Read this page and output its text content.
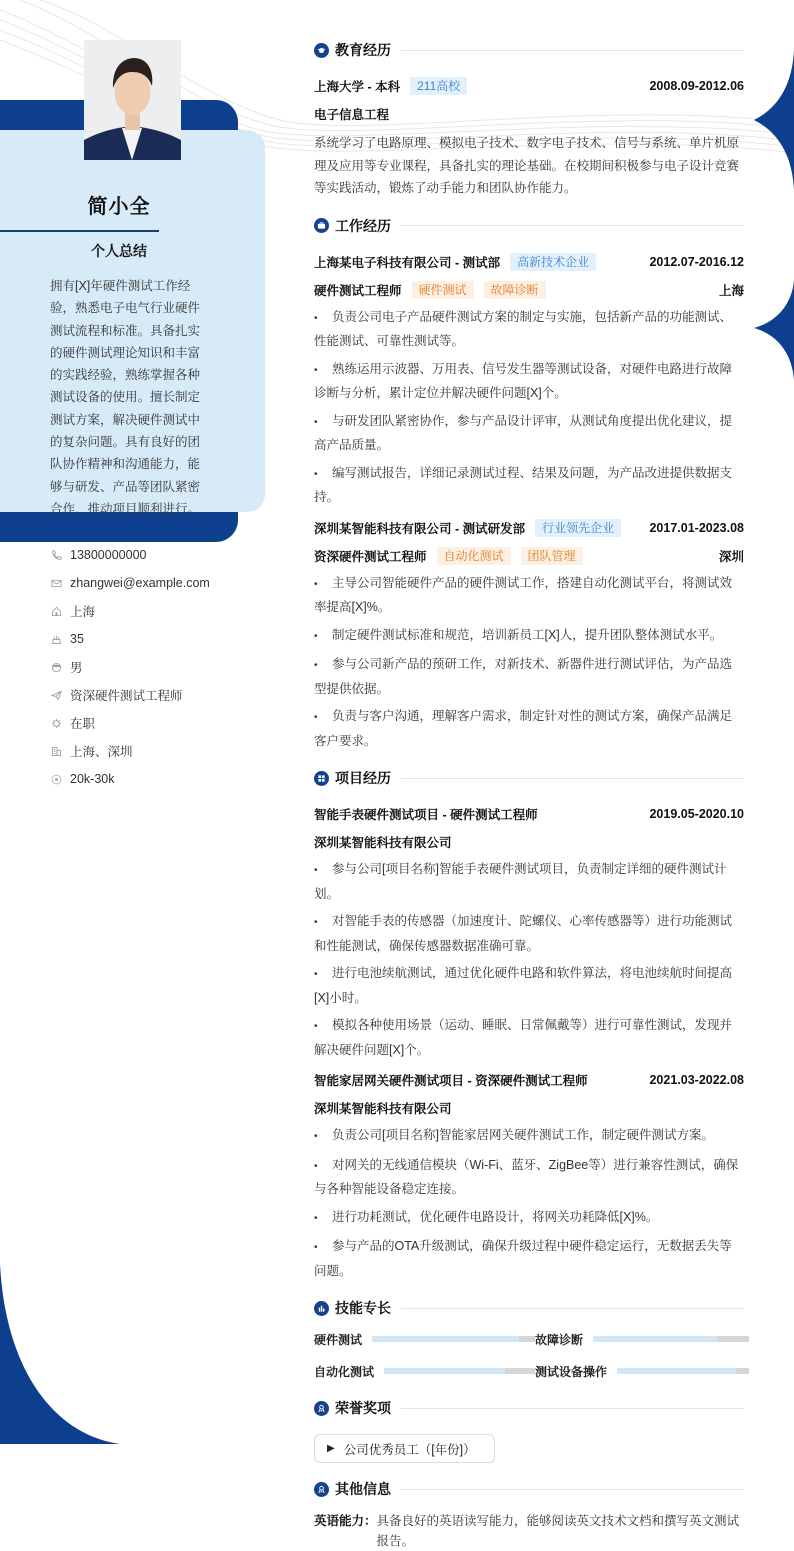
简小全
个人总结
拥有[X]年硬件测试工作经验，熟悉电子电气行业硬件测试流程和标准。具备扎实的硬件测试理论知识和丰富的实践经验，熟练掌握各种测试设备的使用。擅长制定测试方案，解决硬件测试中的复杂问题。具有良好的团队协作精神和沟通能力，能够与研发、产品等团队紧密合作，推动项目顺利进行。
13800000000
zhangwei@example.com
上海
35
男
资深硬件测试工程师
在职
上海、深圳
20k-30k
教育经历
上海大学 - 本科	211高校	2008.09-2012.06
电子信息工程
系统学习了电路原理、模拟电子技术、数字电子技术、信号与系统、单片机原理及应用等专业课程，具备扎实的理论基础。在校期间积极参与电子设计竞赛等实践活动，锻炼了动手能力和团队协作能力。
工作经历
上海某电子科技有限公司 - 测试部	高新技术企业	2012.07-2016.12
硬件测试工程师	硬件测试	故障诊断	上海
• 负责公司电子产品硬件测试方案的制定与实施，包括新产品的功能测试、性能测试、可靠性测试等。
• 熟练运用示波器、万用表、信号发生器等测试设备，对硬件电路进行故障诊断与分析，累计定位并解决硬件问题[X]个。
• 与研发团队紧密协作，参与产品设计评审，从测试角度提出优化建议，提高产品质量。
• 编写测试报告，详细记录测试过程、结果及问题，为产品改进提供数据支持。
深圳某智能科技有限公司 - 测试研发部	行业领先企业	2017.01-2023.08
资深硬件测试工程师	自动化测试	团队管理	深圳
• 主导公司智能硬件产品的硬件测试工作，搭建自动化测试平台，将测试效率提高[X]%。
• 制定硬件测试标准和规范，培训新员工[X]人，提升团队整体测试水平。
• 参与公司新产品的预研工作，对新技术、新器件进行测试评估，为产品选型提供依据。
• 负责与客户沟通，理解客户需求，制定针对性的测试方案，确保产品满足客户要求。
项目经历
智能手表硬件测试项目 - 硬件测试工程师	2019.05-2020.10
深圳某智能科技有限公司
• 参与公司[项目名称]智能手表硬件测试项目，负责制定详细的硬件测试计划。
• 对智能手表的传感器（加速度计、陀螺仪、心率传感器等）进行功能测试和性能测试，确保传感器数据准确可靠。
• 进行电池续航测试，通过优化硬件电路和软件算法，将电池续航时间提高[X]小时。
• 模拟各种使用场景（运动、睡眠、日常佩戴等）进行可靠性测试，发现并解决硬件问题[X]个。
智能家居网关硬件测试项目 - 资深硬件测试工程师	2021.03-2022.08
深圳某智能科技有限公司
• 负责公司[项目名称]智能家居网关硬件测试工作，制定硬件测试方案。
• 对网关的无线通信模块（Wi-Fi、蓝牙、ZigBee等）进行兼容性测试，确保与各种智能设备稳定连接。
• 进行功耗测试，优化硬件电路设计，将网关功耗降低[X]%。
• 参与产品的OTA升级测试，确保升级过程中硬件稳定运行，无数据丢失等问题。
技能专长
硬件测试	故障诊断
自动化测试	测试设备操作
荣誉奖项
▶ 公司优秀员工（[年份]）
其他信息
英语能力： 具备良好的英语读写能力，能够阅读英文技术文档和撰写英文测试报告。
